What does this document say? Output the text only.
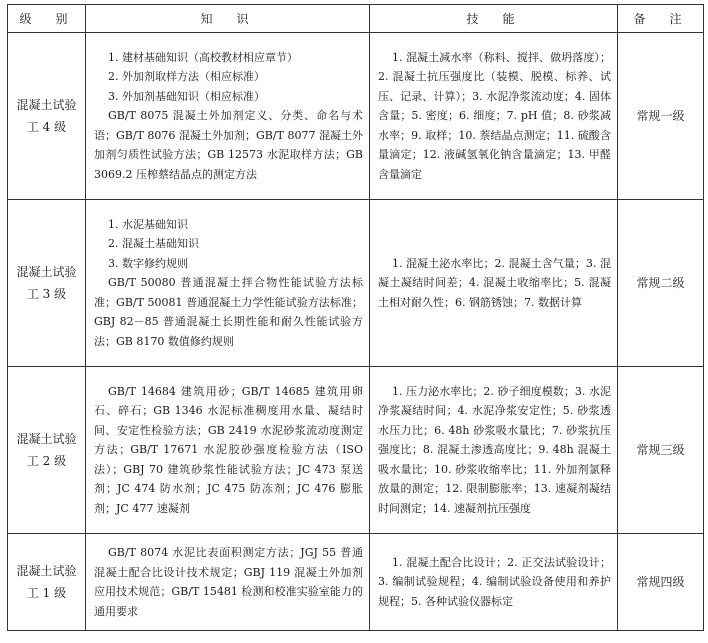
级　别	知　识	技　能	备　注

混凝土试验工 4 级	1. 建材基础知识（高校教材相应章节）
2. 外加剂取样方法（相应标准）
3. 外加剂基础知识（相应标准）
GB/T 8075 混凝土外加剂定义、分类、命名与术语；GB/T 8076 混凝土外加剂；GB/T 8077 混凝土外加剂匀质性试验方法；GB 12573 水泥取样方法；GB 3069.2 压榨蔡结晶点的测定方法	1. 混凝土减水率（称料、搅拌、做坍落度）；2. 混凝土抗压强度比（装模、脱模、标养、试压、记录、计算）；3. 水泥净浆流动度；4. 固体含量；5. 密度；6. 细度；7. pH 值；8. 砂浆减水率；9. 取样；10. 萘结晶点测定；11. 硫酸含量滴定；12. 液碱氢氧化钠含量滴定；13. 甲醛含量滴定	常规一级

混凝土试验工 3 级	1. 水泥基础知识
2. 混凝土基础知识
3. 数字修约规则
GB/T 50080 普通混凝土拌合物性能试验方法标准；GB/T 50081 普通混凝土力学性能试验方法标准；GBJ 82－85 普通混凝土长期性能和耐久性能试验方法；GB 8170 数值修约规则	1. 混凝土泌水率比；2. 混凝土含气量；3. 混凝土凝结时间差；4. 混凝土收缩率比；5. 混凝土相对耐久性；6. 钢筋锈蚀；7. 数据计算	常规二级

混凝土试验工 2 级	GB/T 14684 建筑用砂；GB/T 14685 建筑用卵石、碎石；GB 1346 水泥标准稠度用水量、凝结时间、安定性检验方法；GB 2419 水泥砂浆流动度测定方法；GB/T 17671 水泥胶砂强度检验方法（ISO 法）；GBJ 70 建筑砂浆性能试验方法；JC 473 泵送剂；JC 474 防水剂；JC 475 防冻剂；JC 476 膨胀剂；JC 477 速凝剂	1. 压力泌水率比；2. 砂子细度模数；3. 水泥净浆凝结时间；4. 水泥净浆安定性；5. 砂浆透水压力比；6. 48h 砂浆吸水量比；7. 砂浆抗压强度比；8. 混凝土渗透高度比；9. 48h 混凝土吸水量比；10. 砂浆收缩率比；11. 外加剂氯释放量的测定；12. 限制膨胀率；13. 速凝剂凝结时间测定；14. 速凝剂抗压强度	常规三级

混凝土试验工 1 级	GB/T 8074 水泥比表面积测定方法；JGJ 55 普通混凝土配合比设计技术规定；GBJ 119 混凝土外加剂应用技术规范；GB/T 15481 检测和校准实验室能力的通用要求	1. 混凝土配合比设计；2. 正交法试验设计；3. 编制试验规程；4. 编制试验设备使用和养护规程；5. 各种试验仪器标定	常规四级
